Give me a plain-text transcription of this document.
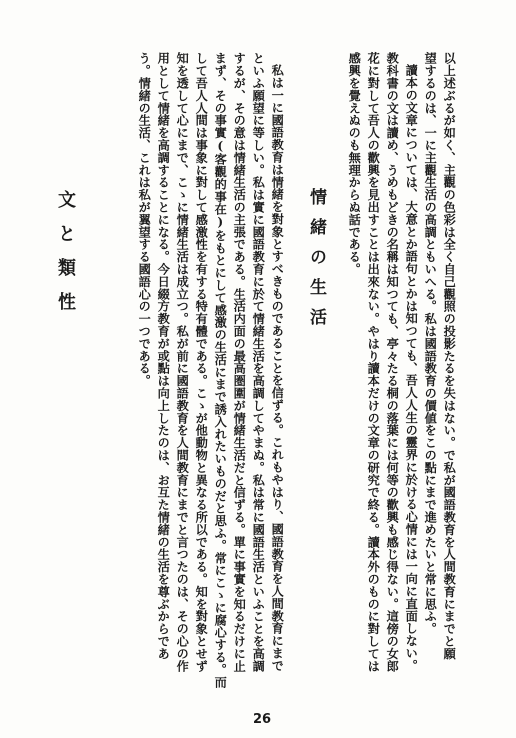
以上述ぶるが如く、主觀の色彩は全く自己觀照の投影たるを失はない。で私が國語教育を人間教育にまでと願
望するのは、一に主觀生活の高調ともいへる。私は國語教育の價値をこの點にまで進めたいと常に思ふ。
讀本の文章については、大意とか語句とかは知つても、吾人人生の靈界に於ける心情には一向に直面しない。
教科書の文は讀め、うめもどきの名稱は知つても、亭々たる桐の落葉には何等の歡興も感じ得ない。這傍の女郎
花に對して吾人の歡興を見出すことは出來ない。やはり讀本だけの文章の研究で終る。讀本外のものに對しては
感興を覺えぬのも無理からぬ話である。
情緒の生活
私は一に國語教育は情緒を對象とすべきものであることを信ずる。これもやはり、國語教育を人間教育にまで
といふ願望に等しい。私は實に國語教育に於て情緒生活を高調してやまぬ。私は常に國語生活といふことを高調
するが、その意は情緒生活の主張である。生活内面の最高圏圍が情緒生活だと信ずる。單に事實を知るだけに止
まず、その事實(客觀的事在)をもとにして感激の生活にまで誘入れたいものだと思ふ。常にこゝに腐心する。而
して吾人人間は事象に對して感激性を有する特有體である。こゝが他動物と異なる所以である。知を對象とせず
知を透して心にまで、こゝに情緒生活は成立つ。私が前に國語教育を人間教育にまでと言つたのは、その心の作
用として情緒を高調することになる。今日綴方教育が或點は向上したのは、お互た情緒の生活を尊ぶからであ
う。情緒の生活、これは私が翼望する國語心の一つである。
文と類性
26
